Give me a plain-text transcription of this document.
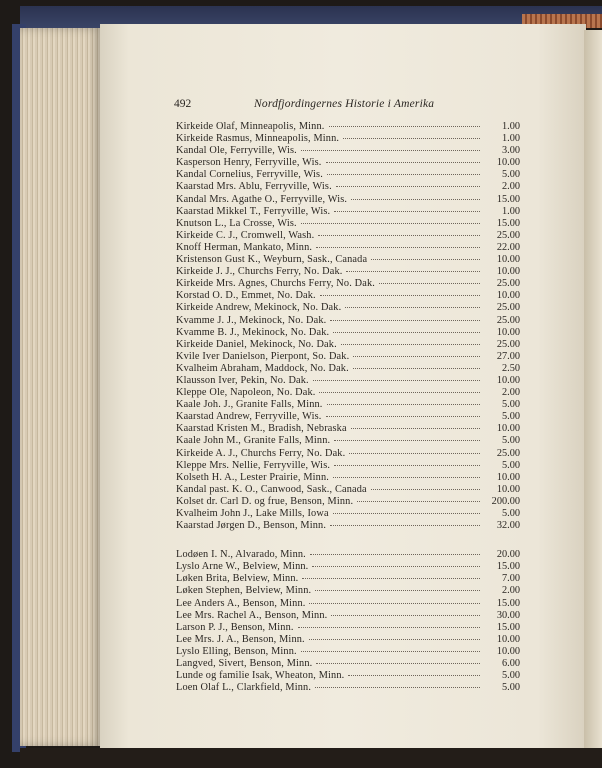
492	Nordfjordingernes Historie i Amerika
Kirkeide Olaf, Minneapolis, Minn.	1.00
Kirkeide Rasmus, Minneapolis, Minn.	1.00
Kandal Ole, Ferryville, Wis.	3.00
Kasperson Henry, Ferryville, Wis.	10.00
Kandal Cornelius, Ferryville, Wis.	5.00
Kaarstad Mrs. Ablu, Ferryville, Wis.	2.00
Kandal Mrs. Agathe O., Ferryville, Wis.	15.00
Kaarstad Mikkel T., Ferryville, Wis.	1.00
Knutson L., La Crosse, Wis.	15.00
Kirkeide C. J., Cromwell, Wash.	25.00
Knoff Herman, Mankato, Minn.	22.00
Kristenson Gust K., Weyburn, Sask., Canada	10.00
Kirkeide J. J., Churchs Ferry, No. Dak.	10.00
Kirkeide Mrs. Agnes, Churchs Ferry, No. Dak.	25.00
Korstad O. D., Emmet, No. Dak.	10.00
Kirkeide Andrew, Mekinock, No. Dak.	25.00
Kvamme J. J., Mekinock, No. Dak.	25.00
Kvamme B. J., Mekinock, No. Dak.	10.00
Kirkeide Daniel, Mekinock, No. Dak.	25.00
Kvile Iver Danielson, Pierpont, So. Dak.	27.00
Kvalheim Abraham, Maddock, No. Dak.	2.50
Klausson Iver, Pekin, No. Dak.	10.00
Kleppe Ole, Napoleon, No. Dak.	2.00
Kaale Joh. J., Granite Falls, Minn.	5.00
Kaarstad Andrew, Ferryville, Wis.	5.00
Kaarstad Kristen M., Bradish, Nebraska	10.00
Kaale John M., Granite Falls, Minn.	5.00
Kirkeide A. J., Churchs Ferry, No. Dak.	25.00
Kleppe Mrs. Nellie, Ferryville, Wis.	5.00
Kolseth H. A., Lester Prairie, Minn.	10.00
Kandal past. K. O., Canwood, Sask., Canada	10.00
Kolset dr. Carl D. og frue, Benson, Minn.	200.00
Kvalheim John J., Lake Mills, Iowa	5.00
Kaarstad Jørgen D., Benson, Minn.	32.00
Lodøen I. N., Alvarado, Minn.	20.00
Lyslo Arne W., Belview, Minn.	15.00
Løken Brita, Belview, Minn.	7.00
Løken Stephen, Belview, Minn.	2.00
Lee Anders A., Benson, Minn.	15.00
Lee Mrs. Rachel A., Benson, Minn.	30.00
Larson P. J., Benson, Minn.	15.00
Lee Mrs. J. A., Benson, Minn.	10.00
Lyslo Elling, Benson, Minn.	10.00
Langved, Sivert, Benson, Minn.	6.00
Lunde og familie Isak, Wheaton, Minn.	5.00
Loen Olaf L., Clarkfield, Minn.	5.00
